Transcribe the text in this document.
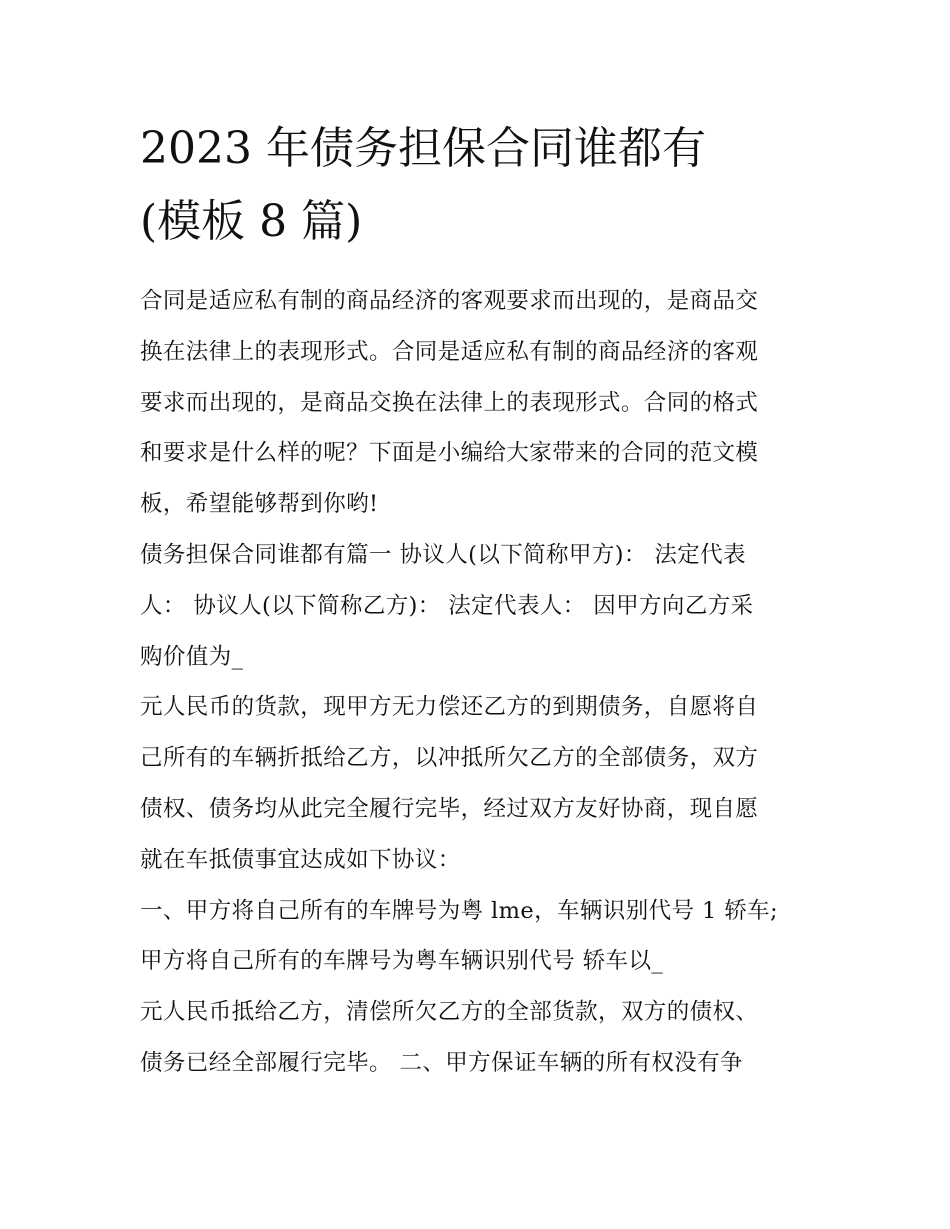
2023 年债务担保合同谁都有
(模板 8 篇)
合同是适应私有制的商品经济的客观要求而出现的，是商品交
换在法律上的表现形式。合同是适应私有制的商品经济的客观
要求而出现的，是商品交换在法律上的表现形式。合同的格式
和要求是什么样的呢？下面是小编给大家带来的合同的范文模
板，希望能够帮到你哟!
债务担保合同谁都有篇一 协议人(以下简称甲方)： 法定代表
人： 协议人(以下简称乙方)： 法定代表人： 因甲方向乙方采
购价值为_
元人民币的货款，现甲方无力偿还乙方的到期债务，自愿将自
己所有的车辆折抵给乙方，以冲抵所欠乙方的全部债务，双方
债权、债务均从此完全履行完毕，经过双方友好协商，现自愿
就在车抵债事宜达成如下协议：
一、甲方将自己所有的车牌号为粤 lme，车辆识别代号 1 轿车;
甲方将自己所有的车牌号为粤车辆识别代号 轿车以_
元人民币抵给乙方，清偿所欠乙方的全部货款，双方的债权、
债务已经全部履行完毕。 二、甲方保证车辆的所有权没有争
